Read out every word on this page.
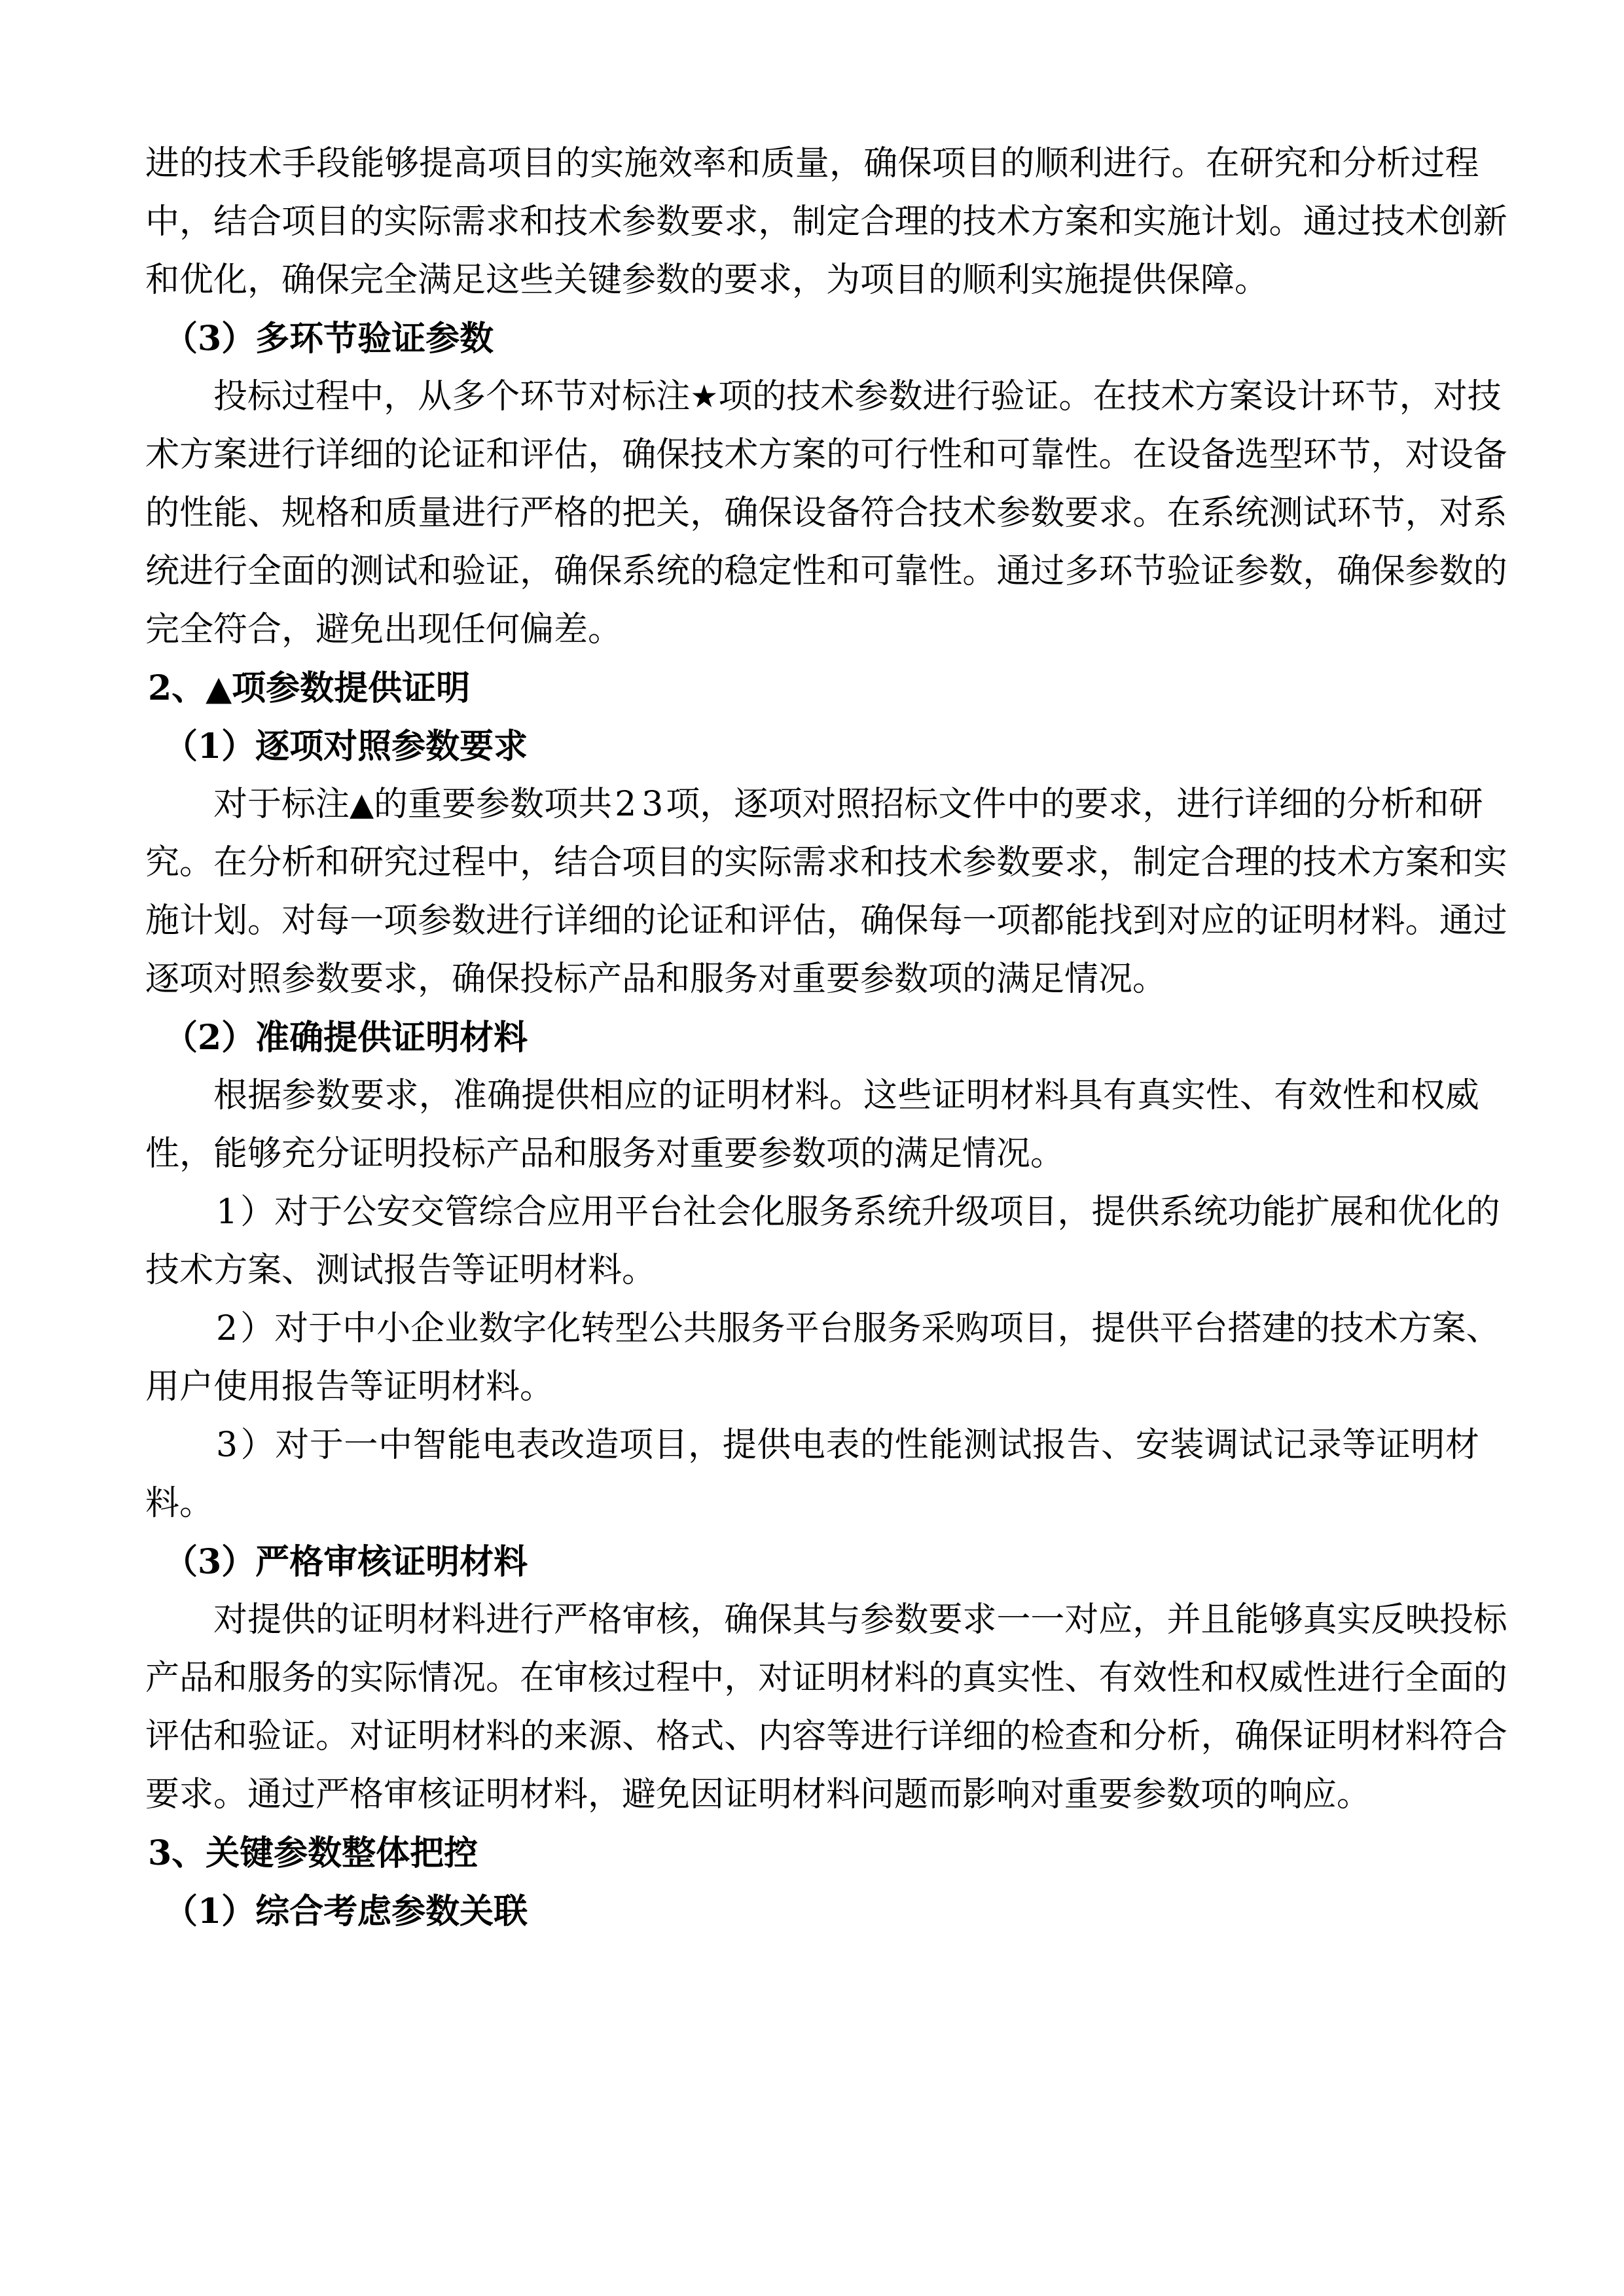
进 的 技 术 手 段 能 够 提 高 项 目 的 实 施 效 率 和 质 量 ， 确 保 项 目 的 顺 利 进 行 。 在 研 究 和 分 析 过 程
中 ， 结 合 项 目 的 实 际 需 求 和 技 术 参 数 要 求 ， 制 定 合 理 的 技 术 方 案 和 实 施 计 划 。 通 过 技 术 创 新
和优化，确保完全满足这些关键参数的要求，为项目的顺利实施提供保障。
（3）多环节验证参数
投 标 过 程 中 ， 从 多 个 环 节 对 标 注 ★ 项 的 技 术 参 数 进 行 验 证 。 在 技 术 方 案 设 计 环 节 ， 对 技
术 方 案 进 行 详 细 的 论 证 和 评 估 ， 确 保 技 术 方 案 的 可 行 性 和 可 靠 性 。 在 设 备 选 型 环 节 ， 对 设 备
的 性 能 、 规 格 和 质 量 进 行 严 格 的 把 关 ， 确 保 设 备 符 合 技 术 参 数 要 求 。 在 系 统 测 试 环 节 ， 对 系
统 进 行 全 面 的 测 试 和 验 证 ， 确 保 系 统 的 稳 定 性 和 可 靠 性 。 通 过 多 环 节 验 证 参 数 ， 确 保 参 数 的
完全符合，避免出现任何偏差。
2、▲项参数提供证明
（1）逐项对照参数要求
对 于 标 注 ▲ 的 重 要 参 数 项 共 2 3 项 ， 逐 项 对 照 招 标 文 件 中 的 要 求 ， 进 行 详 细 的 分 析 和 研
究 。 在 分 析 和 研 究 过 程 中 ， 结 合 项 目 的 实 际 需 求 和 技 术 参 数 要 求 ， 制 定 合 理 的 技 术 方 案 和 实
施 计 划 。 对 每 一 项 参 数 进 行 详 细 的 论 证 和 评 估 ， 确 保 每 一 项 都 能 找 到 对 应 的 证 明 材 料 。 通 过
逐项对照参数要求，确保投标产品和服务对重要参数项的满足情况。
（2）准确提供证明材料
根 据 参 数 要 求 ， 准 确 提 供 相 应 的 证 明 材 料 。 这 些 证 明 材 料 具 有 真 实 性 、 有 效 性 和 权 威
性，能够充分证明投标产品和服务对重要参数项的满足情况。
1 ） 对 于 公 安 交 管 综 合 应 用 平 台 社 会 化 服 务 系 统 升 级 项 目 ， 提 供 系 统 功 能 扩 展 和 优 化 的
技术方案、测试报告等证明材料。
2 ） 对 于 中 小 企 业 数 字 化 转 型 公 共 服 务 平 台 服 务 采 购 项 目 ， 提 供 平 台 搭 建 的 技 术 方 案 、
用户使用报告等证明材料。
3 ） 对 于 一 中 智 能 电 表 改 造 项 目 ， 提 供 电 表 的 性 能 测 试 报 告 、 安 装 调 试 记 录 等 证 明 材
料。
（3）严格审核证明材料
对 提 供 的 证 明 材 料 进 行 严 格 审 核 ， 确 保 其 与 参 数 要 求 一 一 对 应 ， 并 且 能 够 真 实 反 映 投 标
产 品 和 服 务 的 实 际 情 况 。 在 审 核 过 程 中 ， 对 证 明 材 料 的 真 实 性 、 有 效 性 和 权 威 性 进 行 全 面 的
评 估 和 验 证 。 对 证 明 材 料 的 来 源 、 格 式 、 内 容 等 进 行 详 细 的 检 查 和 分 析 ， 确 保 证 明 材 料 符 合
要求。通过严格审核证明材料，避免因证明材料问题而影响对重要参数项的响应。
3、关键参数整体把控
（1）综合考虑参数关联
